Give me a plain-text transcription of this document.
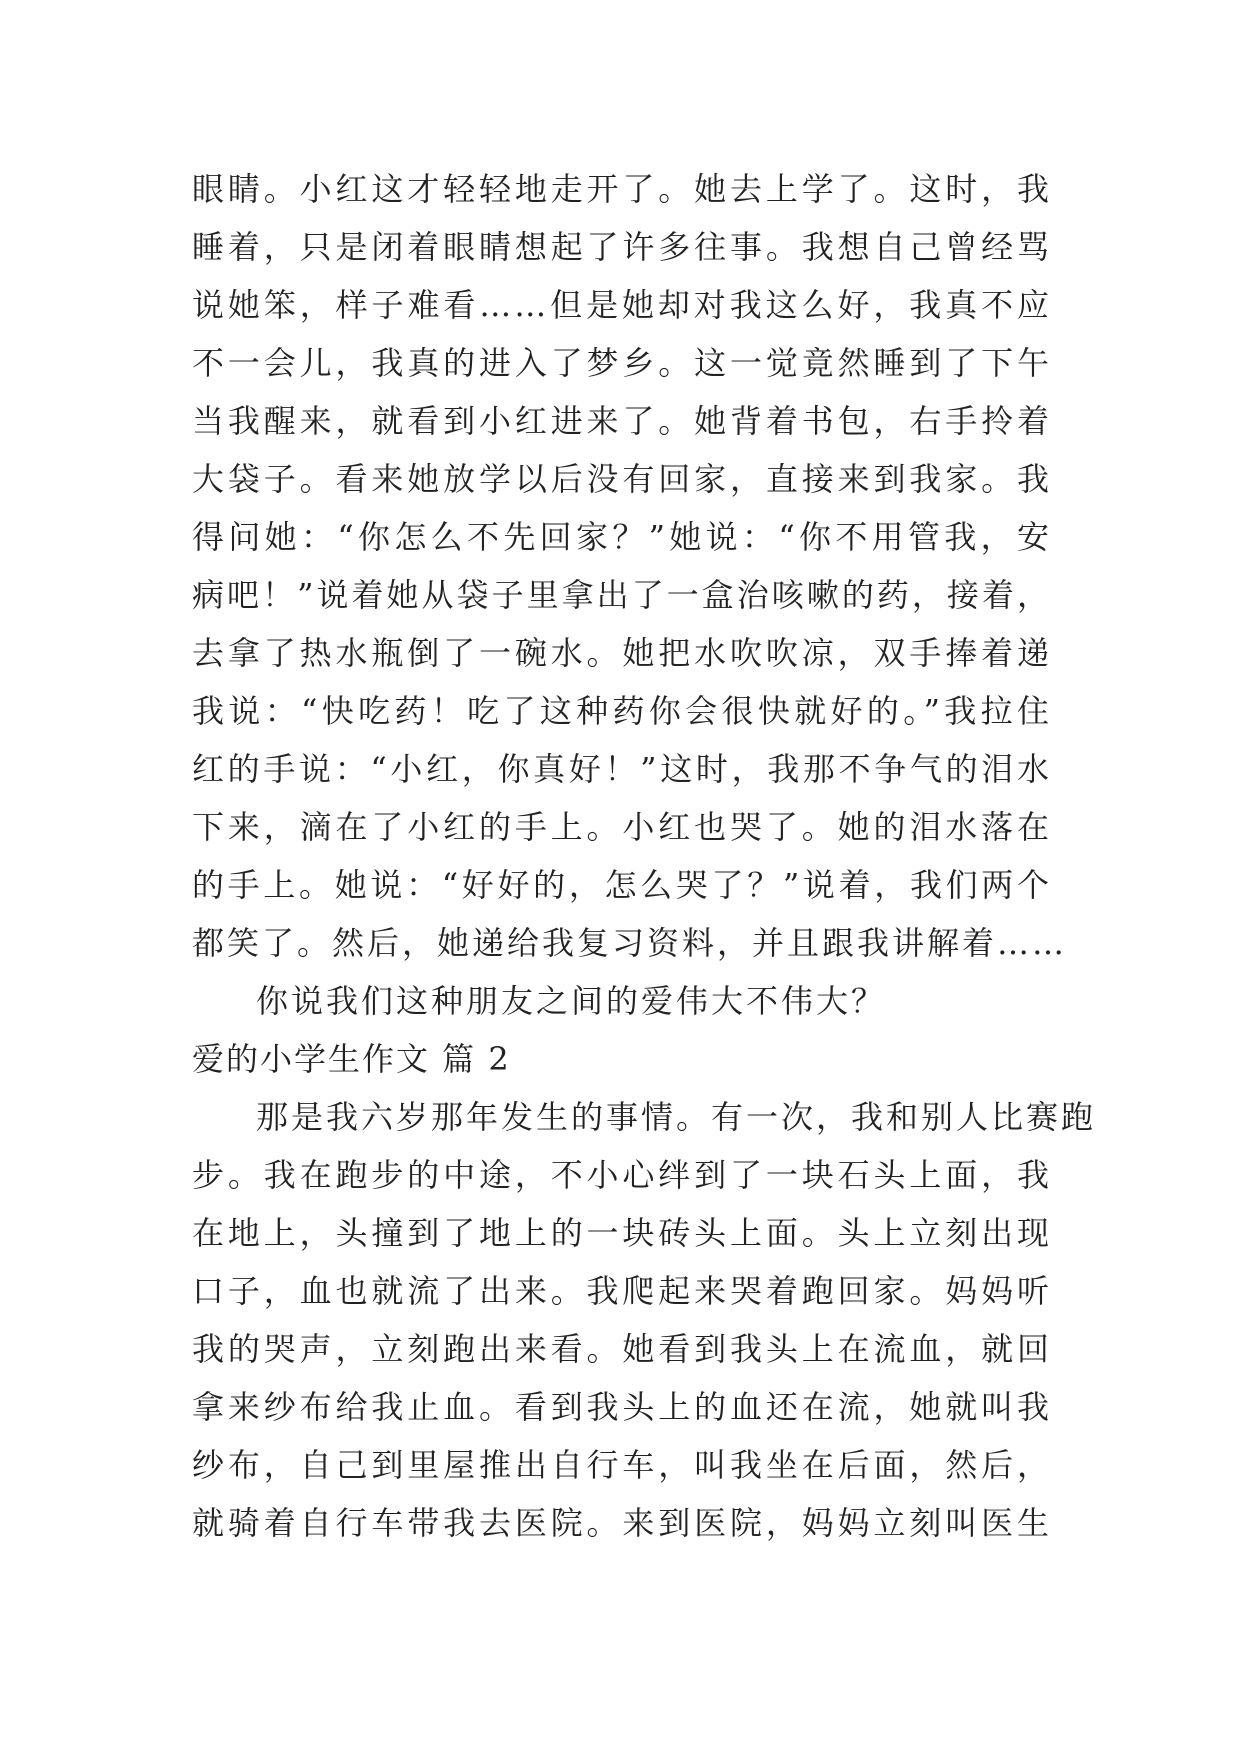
眼睛。小红这才轻轻地走开了。她去上学了。这时，我
睡着，只是闭着眼睛想起了许多往事。我想自己曾经骂
说她笨，样子难看……但是她却对我这么好，我真不应
不一会儿，我真的进入了梦乡。这一觉竟然睡到了下午
当我醒来，就看到小红进来了。她背着书包，右手拎着
大袋子。看来她放学以后没有回家，直接来到我家。我
得问她：“你怎么不先回家？”她说：“你不用管我，安
病吧！”说着她从袋子里拿出了一盒治咳嗽的药，接着，
去拿了热水瓶倒了一碗水。她把水吹吹凉，双手捧着递
我说：“快吃药！吃了这种药你会很快就好的。”我拉住
红的手说：“小红，你真好！”这时，我那不争气的泪水
下来，滴在了小红的手上。小红也哭了。她的泪水落在
的手上。她说：“好好的，怎么哭了？”说着，我们两个
都笑了。然后，她递给我复习资料，并且跟我讲解着……
你说我们这种朋友之间的爱伟大不伟大？
爱的小学生作文 篇 2
那是我六岁那年发生的事情。有一次，我和别人比赛跑
步。我在跑步的中途，不小心绊到了一块石头上面，我
在地上，头撞到了地上的一块砖头上面。头上立刻出现
口子，血也就流了出来。我爬起来哭着跑回家。妈妈听
我的哭声，立刻跑出来看。她看到我头上在流血，就回
拿来纱布给我止血。看到我头上的血还在流，她就叫我
纱布，自己到里屋推出自行车，叫我坐在后面，然后，
就骑着自行车带我去医院。来到医院，妈妈立刻叫医生
